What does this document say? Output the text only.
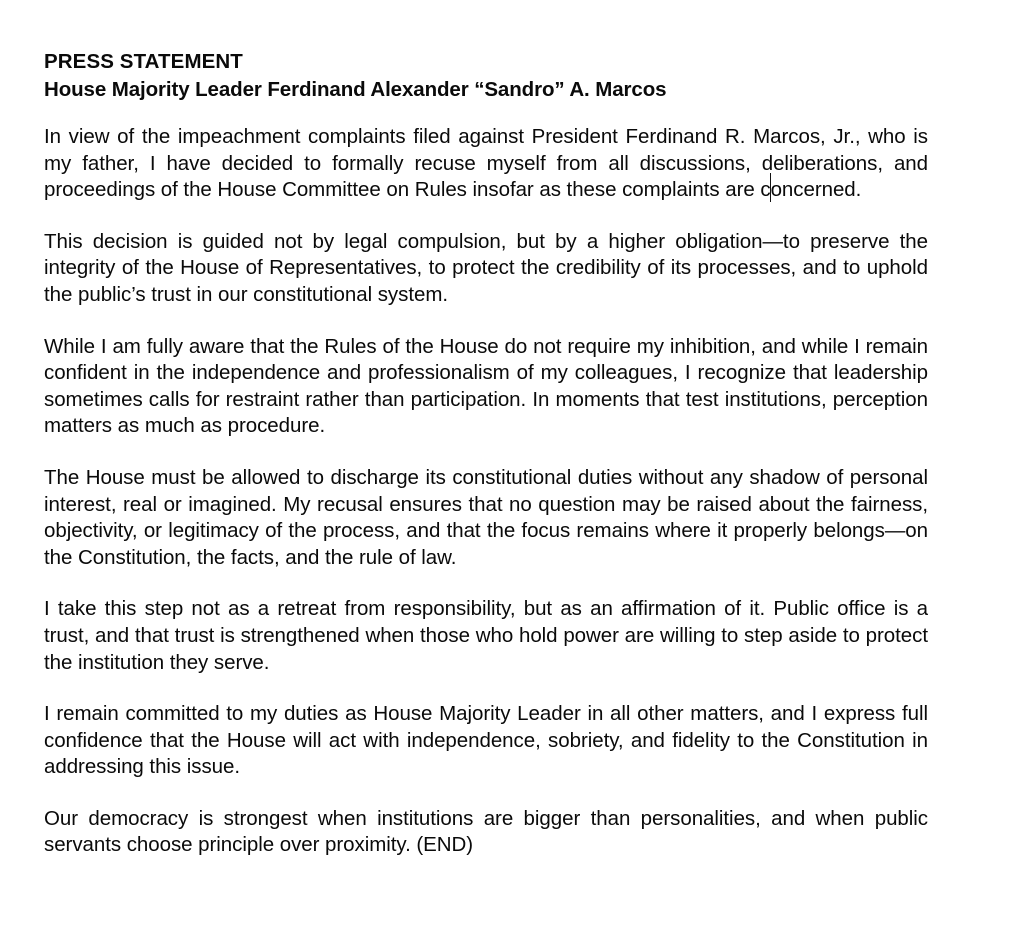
PRESS STATEMENT
House Majority Leader Ferdinand Alexander “Sandro” A. Marcos

In view of the impeachment complaints filed against President Ferdinand R. Marcos, Jr., who is my father, I have decided to formally recuse myself from all discussions, deliberations, and proceedings of the House Committee on Rules insofar as these complaints are concerned.

This decision is guided not by legal compulsion, but by a higher obligation—to preserve the integrity of the House of Representatives, to protect the credibility of its processes, and to uphold the public’s trust in our constitutional system.

While I am fully aware that the Rules of the House do not require my inhibition, and while I remain confident in the independence and professionalism of my colleagues, I recognize that leadership sometimes calls for restraint rather than participation. In moments that test institutions, perception matters as much as procedure.

The House must be allowed to discharge its constitutional duties without any shadow of personal interest, real or imagined. My recusal ensures that no question may be raised about the fairness, objectivity, or legitimacy of the process, and that the focus remains where it properly belongs—on the Constitution, the facts, and the rule of law.

I take this step not as a retreat from responsibility, but as an affirmation of it. Public office is a trust, and that trust is strengthened when those who hold power are willing to step aside to protect the institution they serve.

I remain committed to my duties as House Majority Leader in all other matters, and I express full confidence that the House will act with independence, sobriety, and fidelity to the Constitution in addressing this issue.

Our democracy is strongest when institutions are bigger than personalities, and when public servants choose principle over proximity. (END)
